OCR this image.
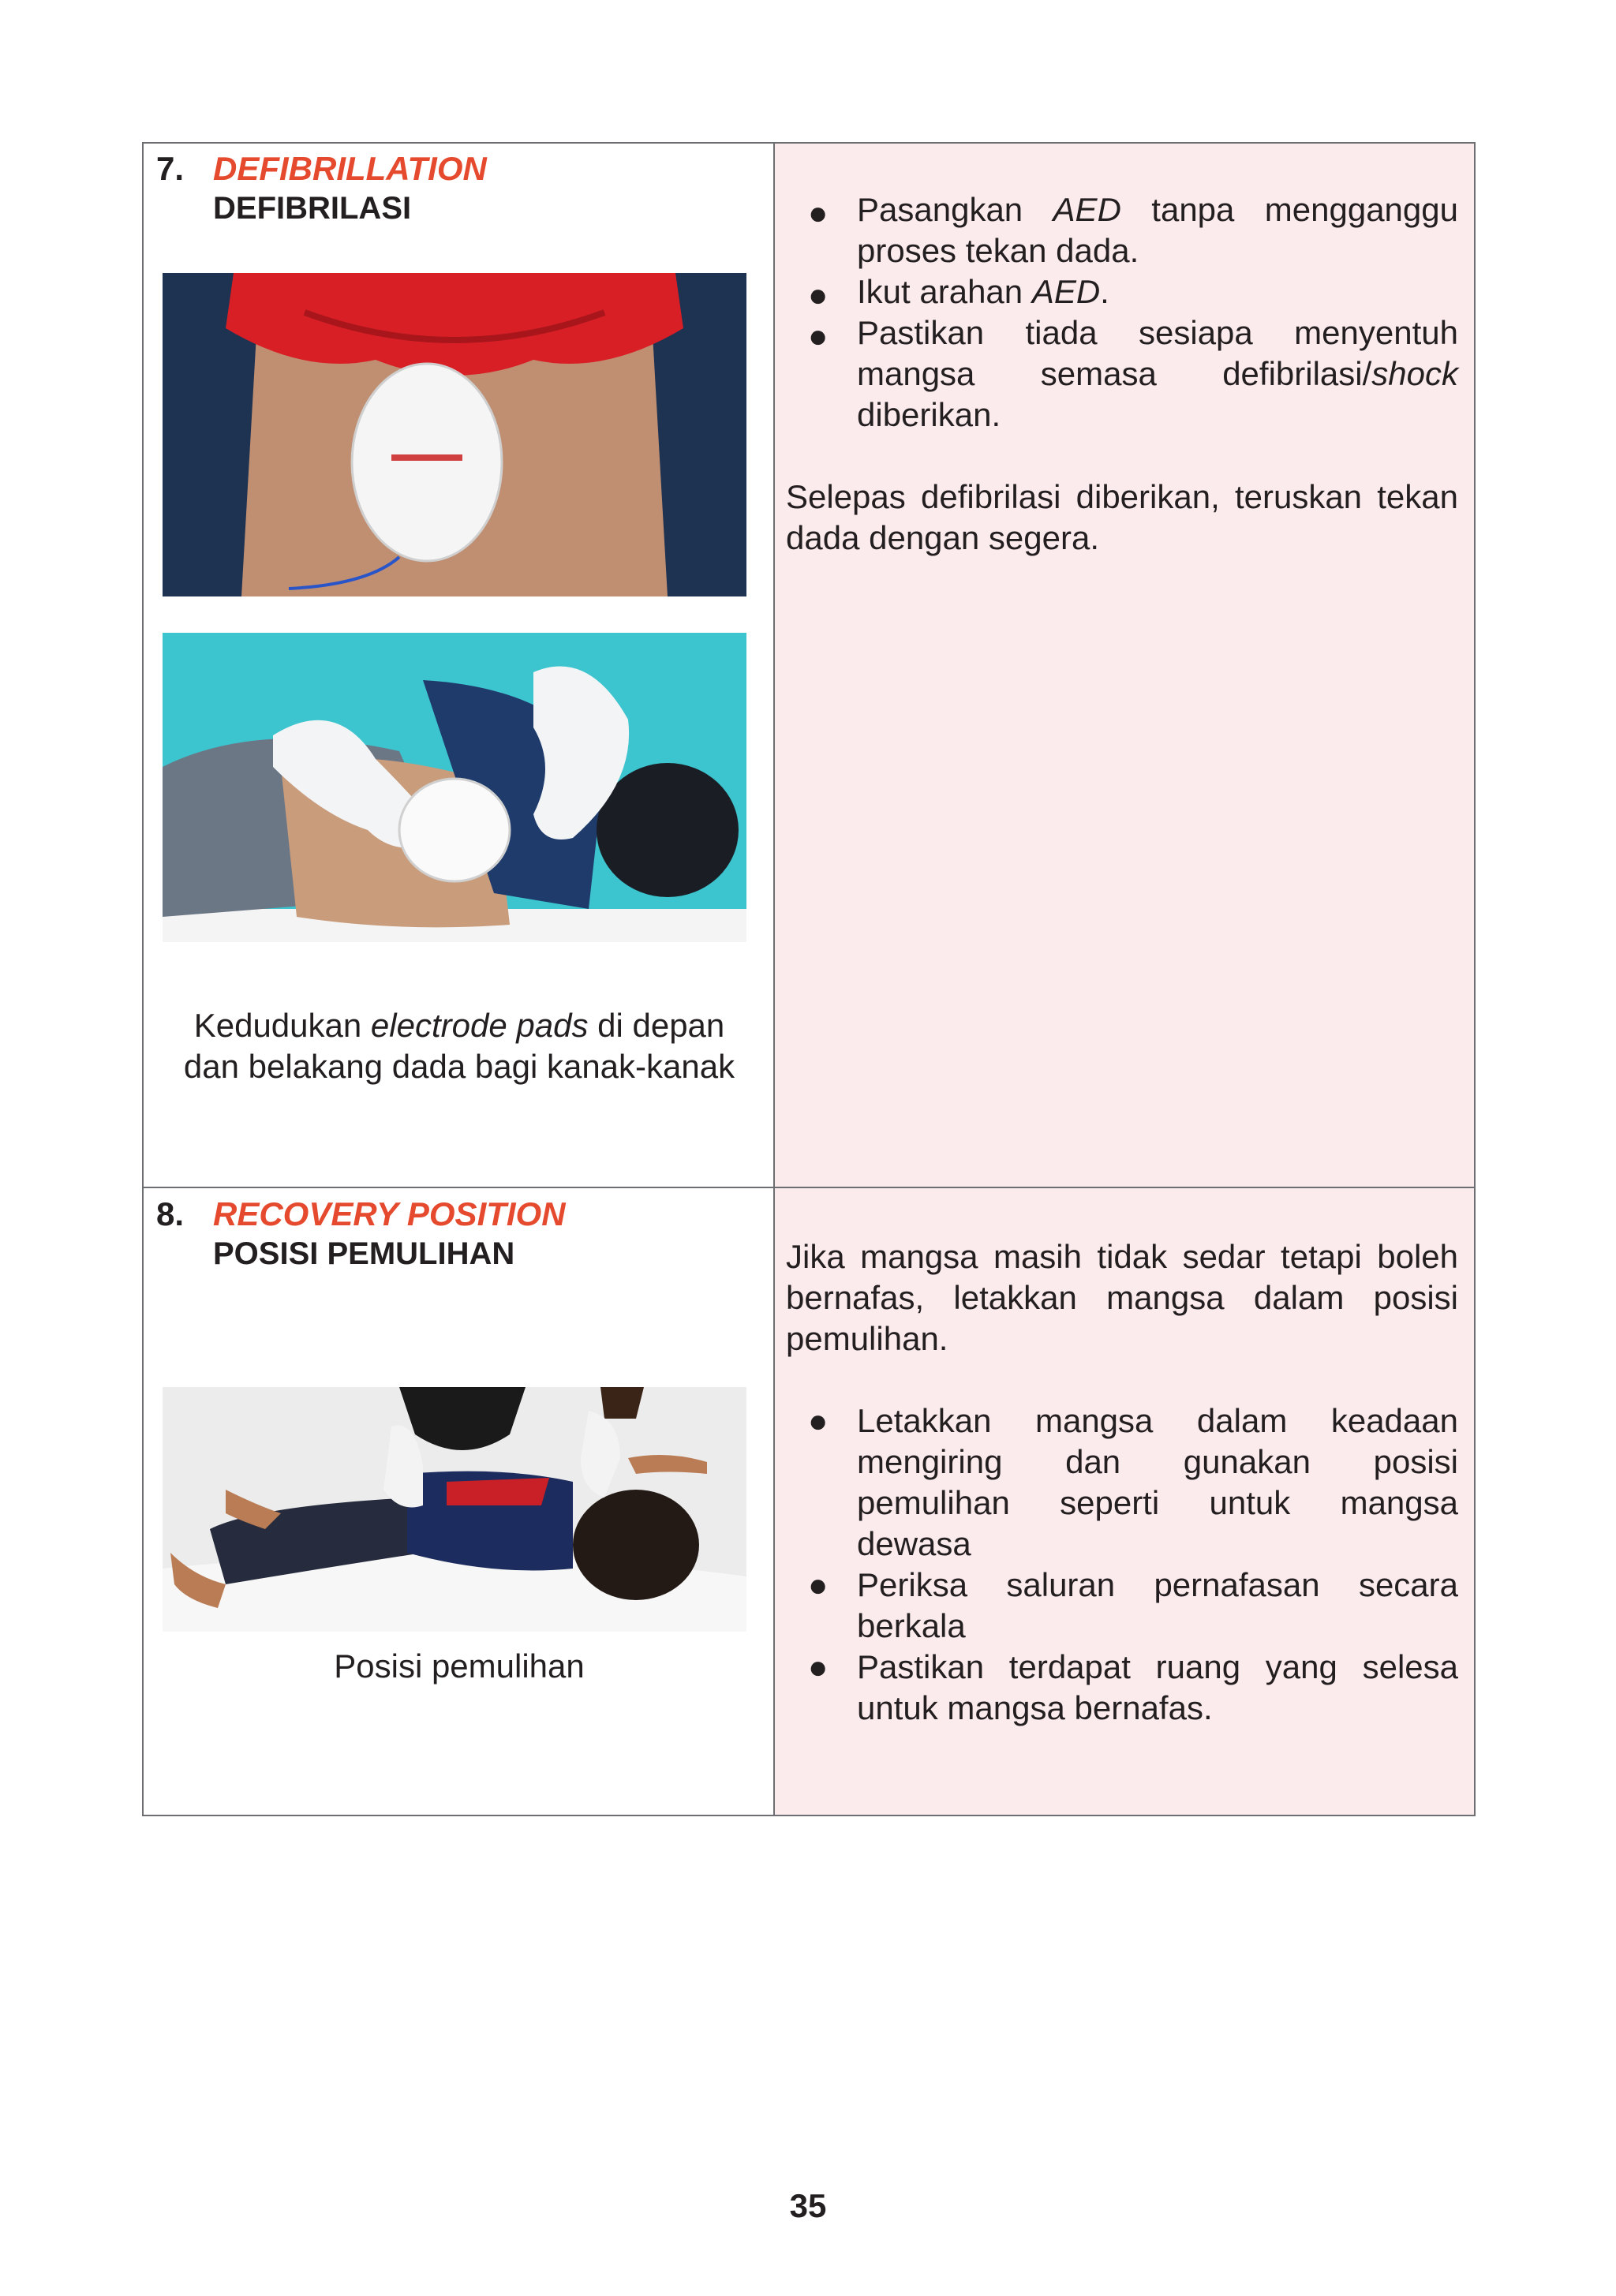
7. DEFIBRILLATION
DEFIBRILASI
Kedudukan electrode pads di depan
dan belakang dada bagi kanak-kanak
● Pasangkan AED tanpa mengganggu
proses tekan dada.
● Ikut arahan AED.
● Pastikan tiada sesiapa menyentuh
mangsa semasa defibrilasi/shock
diberikan.
Selepas defibrilasi diberikan, teruskan tekan
dada dengan segera.
8. RECOVERY POSITION
POSISI PEMULIHAN
Posisi pemulihan
Jika mangsa masih tidak sedar tetapi boleh
bernafas, letakkan mangsa dalam posisi
pemulihan.
● Letakkan mangsa dalam keadaan
mengiring dan gunakan posisi
pemulihan seperti untuk mangsa
dewasa
● Periksa saluran pernafasan secara
berkala
● Pastikan terdapat ruang yang selesa
untuk mangsa bernafas.
35
